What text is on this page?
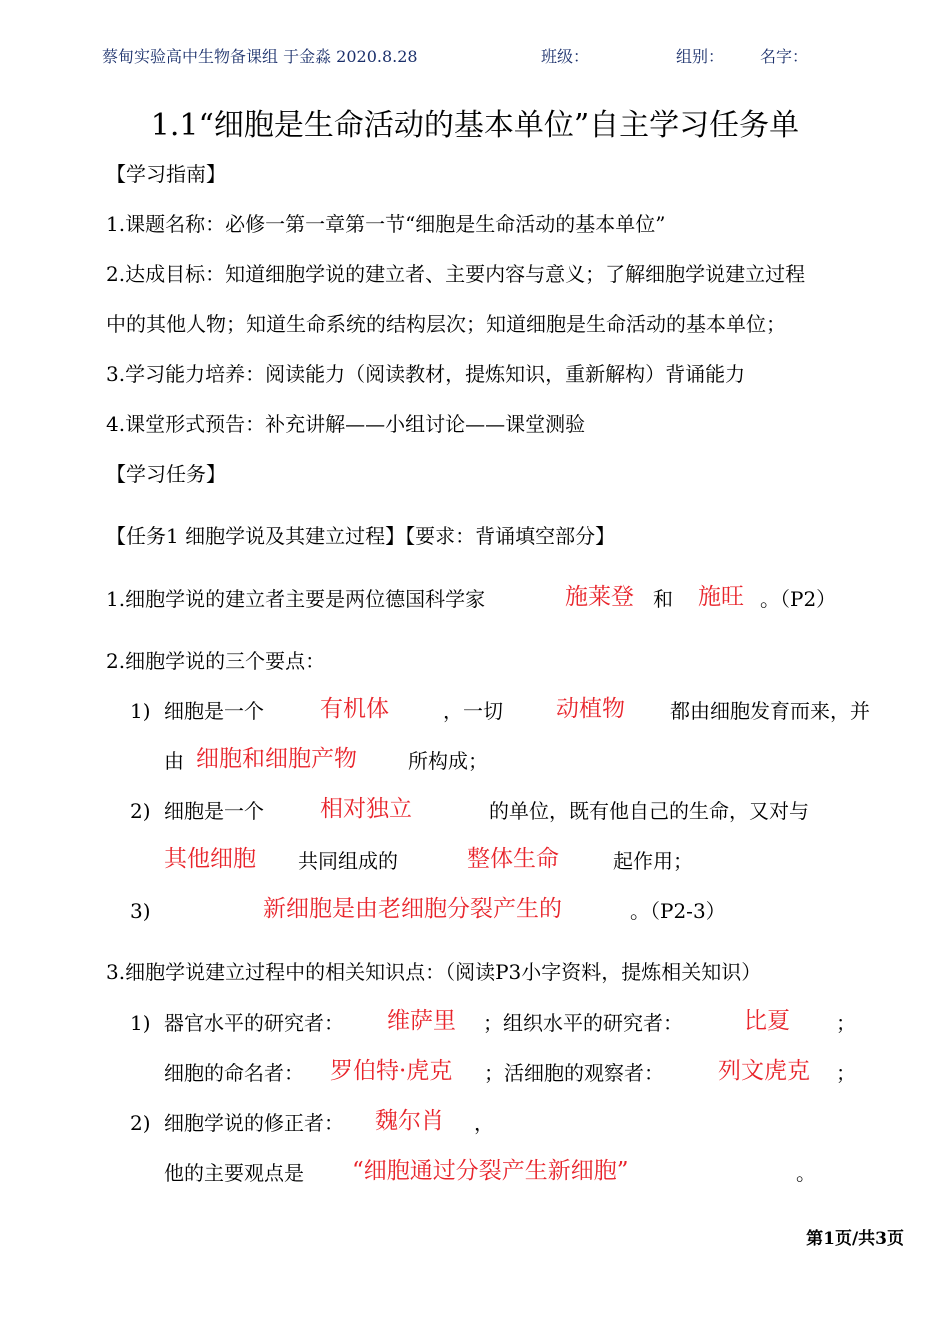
蔡甸实验高中生物备课组 于金淼 2020.8.28	班级：	组别： 名字：
1.1“细胞是生命活动的基本单位”自主学习任务单
【学习指南】
1.课题名称：必修一第一章第一节“细胞是生命活动的基本单位”
2.达成目标：知道细胞学说的建立者、主要内容与意义；了解细胞学说建立过程
中的其他人物；知道生命系统的结构层次；知道细胞是生命活动的基本单位；
3.学习能力培养：阅读能力（阅读教材，提炼知识，重新解构）背诵能力
4.课堂形式预告：补充讲解——小组讨论——课堂测验
【学习任务】
【任务1 细胞学说及其建立过程】【要求：背诵填空部分】
1.细胞学说的建立者主要是两位德国科学家	施莱登 和 施旺 。（P2）
2.细胞学说的三个要点：
1) 细胞是一个 有机体	，一切 动植物 都由细胞发育而来，并
由 细胞和细胞产物	所构成；
2) 细胞是一个 相对独立	的单位，既有他自己的生命，又对与
其他细胞 共同组成的	整体生命	起作用；
3)	新细胞是由老细胞分裂产生的	。（P2-3）
3.细胞学说建立过程中的相关知识点：（阅读P3小字资料，提炼相关知识）
1) 器官水平的研究者： 维萨里 ；组织水平的研究者：	比夏 ；
细胞的命名者： 罗伯特·虎克 ；活细胞的观察者： 列文虎克 ；
2) 细胞学说的修正者： 魏尔肖 ，
他的主要观点是 “细胞通过分裂产生新细胞”	。
第1页/共3页
